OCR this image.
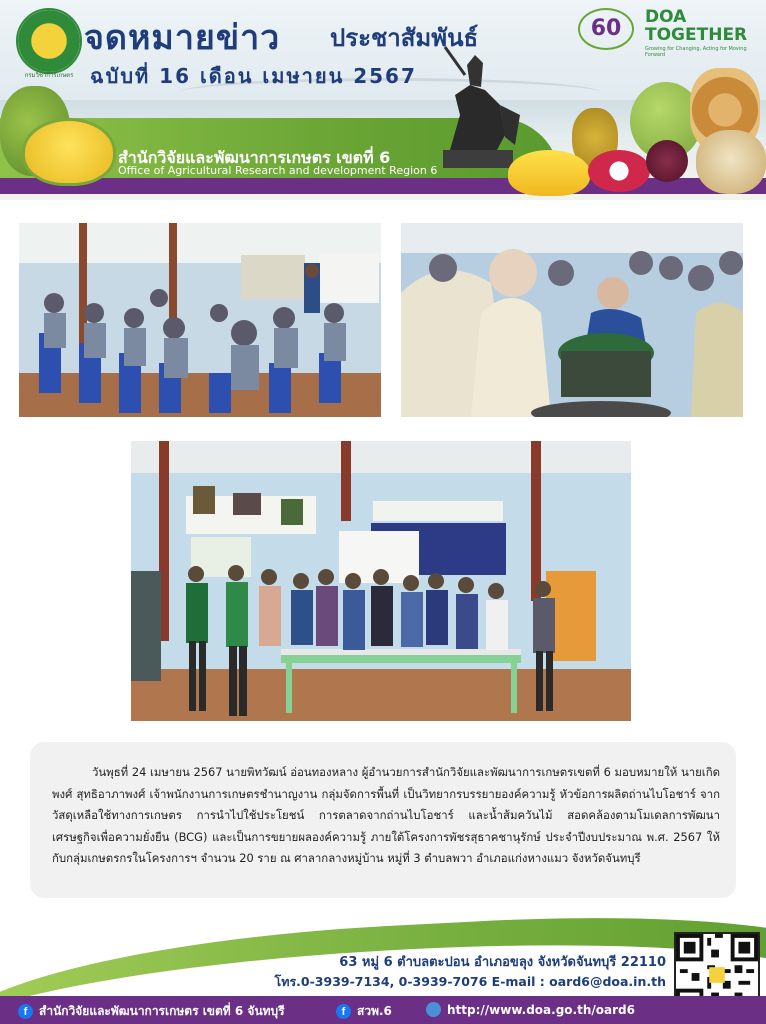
กรมวิชาการเกษตร
จดหมายข่าว ประชาสัมพันธ์
ฉบับที่ 16 เดือน เมษายน 2567
สำนักวิจัยและพัฒนาการเกษตร เขตที่ 6
Office of Agricultural Research and development Region 6
60	DOA TOGETHER
Growing for Changing, Acting for Moving Forward

วันพุธที่ 24 เมษายน 2567 นายพิทวัฒน์ อ่อนทองหลาง ผู้อำนวยการสำนักวิจัยและพัฒนาการเกษตรเขตที่ 6 มอบหมายให้ นายเกิดพงศ์ สุทธิอาภาพงศ์ เจ้าพนักงานการเกษตรชำนาญงาน กลุ่มจัดการพื้นที่ เป็นวิทยากรบรรยายองค์ความรู้ หัวข้อการผลิตถ่านไบโอชาร์ จากวัสดุเหลือใช้ทางการเกษตร การนำไปใช้ประโยชน์ การตลาดจากถ่านไบโอชาร์ และน้ำส้มควันไม้ สอดคล้องตามโมเดลการพัฒนาเศรษฐกิจเพื่อความยั่งยืน (BCG) และเป็นการขยายผลองค์ความรู้ ภายใต้โครงการพัชรสุธาคชานุรักษ์ ประจำปีงบประมาณ พ.ศ. 2567 ให้กับกลุ่มเกษตรกรในโครงการฯ จำนวน 20 ราย ณ ศาลากลางหมู่บ้าน หมู่ที่ 3 ตำบลพวา อำเภอแก่งหางแมว จังหวัดจันทบุรี

63 หมู่ 6 ตำบลตะปอน อำเภอขลุง จังหวัดจันทบุรี 22110
โทร.0-3939-7134, 0-3939-7076 E-mail : oard6@doa.in.th
f สำนักวิจัยและพัฒนาการเกษตร เขตที่ 6 จันทบุรี	f สวพ.6	http://www.doa.go.th/oard6
